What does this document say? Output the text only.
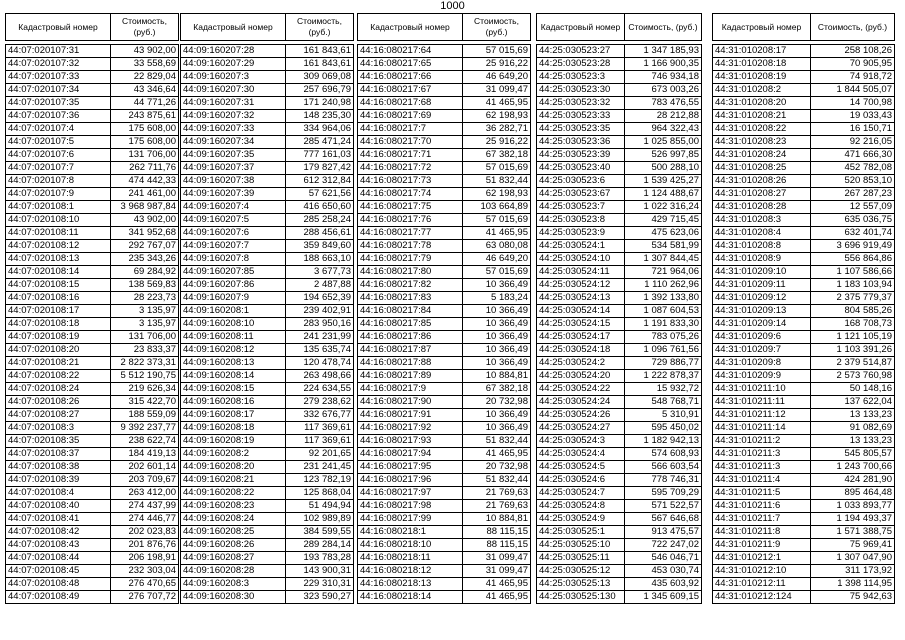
1000
Кадастровый номер	Стоимость, (руб.)

44:07:020107:31	43 902,00
44:07:020107:32	33 558,69
44:07:020107:33	22 829,04
44:07:020107:34	43 346,64
44:07:020107:35	44 771,26
44:07:020107:36	243 875,61
44:07:020107:4	175 608,00
44:07:020107:5	175 608,00
44:07:020107:6	131 706,00
44:07:020107:7	262 711,76
44:07:020107:8	474 442,33
44:07:020107:9	241 461,00
44:07:020108:1	3 968 987,84
44:07:020108:10	43 902,00
44:07:020108:11	341 952,68
44:07:020108:12	292 767,07
44:07:020108:13	235 343,26
44:07:020108:14	69 284,92
44:07:020108:15	138 569,83
44:07:020108:16	28 223,73
44:07:020108:17	3 135,97
44:07:020108:18	3 135,97
44:07:020108:19	131 706,00
44:07:020108:20	23 833,37
44:07:020108:21	2 822 373,31
44:07:020108:22	5 512 190,75
44:07:020108:24	219 626,34
44:07:020108:26	315 422,70
44:07:020108:27	188 559,09
44:07:020108:3	9 392 237,77
44:07:020108:35	238 622,74
44:07:020108:37	184 419,13
44:07:020108:38	202 601,14
44:07:020108:39	203 709,67
44:07:020108:4	263 412,00
44:07:020108:40	274 437,99
44:07:020108:41	274 446,77
44:07:020108:42	202 023,83
44:07:020108:43	201 876,76
44:07:020108:44	206 198,91
44:07:020108:45	232 303,04
44:07:020108:48	276 470,65
44:07:020108:49	276 707,72
Кадастровый номер	Стоимость, (руб.)

44:09:160207:28	161 843,61
44:09:160207:29	161 843,61
44:09:160207:3	309 069,08
44:09:160207:30	257 696,79
44:09:160207:31	171 240,98
44:09:160207:32	148 235,30
44:09:160207:33	334 964,06
44:09:160207:34	285 471,24
44:09:160207:35	777 161,03
44:09:160207:37	179 827,42
44:09:160207:38	612 312,84
44:09:160207:39	57 621,56
44:09:160207:4	416 650,60
44:09:160207:5	285 258,24
44:09:160207:6	288 456,61
44:09:160207:7	359 849,60
44:09:160207:8	188 663,10
44:09:160207:85	3 677,73
44:09:160207:86	2 487,88
44:09:160207:9	194 652,39
44:09:160208:1	239 402,91
44:09:160208:10	283 950,16
44:09:160208:11	241 231,99
44:09:160208:12	135 635,74
44:09:160208:13	120 478,74
44:09:160208:14	263 498,66
44:09:160208:15	224 634,55
44:09:160208:16	279 238,62
44:09:160208:17	332 676,77
44:09:160208:18	117 369,61
44:09:160208:19	117 369,61
44:09:160208:2	92 201,65
44:09:160208:20	231 241,45
44:09:160208:21	123 782,19
44:09:160208:22	125 868,04
44:09:160208:23	51 494,94
44:09:160208:24	102 989,89
44:09:160208:25	384 599,55
44:09:160208:26	289 284,14
44:09:160208:27	193 783,28
44:09:160208:28	143 900,31
44:09:160208:3	229 310,31
44:09:160208:30	323 590,27
Кадастровый номер	Стоимость, (руб.)

44:16:080217:64	57 015,69
44:16:080217:65	25 916,22
44:16:080217:66	46 649,20
44:16:080217:67	31 099,47
44:16:080217:68	41 465,95
44:16:080217:69	62 198,93
44:16:080217:7	36 282,71
44:16:080217:70	25 916,22
44:16:080217:71	67 382,18
44:16:080217:72	57 015,69
44:16:080217:73	51 832,44
44:16:080217:74	62 198,93
44:16:080217:75	103 664,89
44:16:080217:76	57 015,69
44:16:080217:77	41 465,95
44:16:080217:78	63 080,08
44:16:080217:79	46 649,20
44:16:080217:80	57 015,69
44:16:080217:82	10 366,49
44:16:080217:83	5 183,24
44:16:080217:84	10 366,49
44:16:080217:85	10 366,49
44:16:080217:86	10 366,49
44:16:080217:87	10 366,49
44:16:080217:88	10 366,49
44:16:080217:89	10 884,81
44:16:080217:9	67 382,18
44:16:080217:90	20 732,98
44:16:080217:91	10 366,49
44:16:080217:92	10 366,49
44:16:080217:93	51 832,44
44:16:080217:94	41 465,95
44:16:080217:95	20 732,98
44:16:080217:96	51 832,44
44:16:080217:97	21 769,63
44:16:080217:98	21 769,63
44:16:080217:99	10 884,81
44:16:080218:1	88 115,15
44:16:080218:10	88 115,15
44:16:080218:11	31 099,47
44:16:080218:12	31 099,47
44:16:080218:13	41 465,95
44:16:080218:14	41 465,95
Кадастровый номер	Стоимость, (руб.)

44:25:030523:27	1 347 185,93
44:25:030523:28	1 166 900,35
44:25:030523:3	746 934,18
44:25:030523:30	673 003,26
44:25:030523:32	783 476,55
44:25:030523:33	28 212,88
44:25:030523:35	964 322,43
44:25:030523:36	1 025 855,00
44:25:030523:39	526 997,85
44:25:030523:40	500 288,10
44:25:030523:6	1 539 425,27
44:25:030523:67	1 124 488,67
44:25:030523:7	1 022 316,24
44:25:030523:8	429 715,45
44:25:030523:9	475 623,06
44:25:030524:1	534 581,99
44:25:030524:10	1 307 844,45
44:25:030524:11	721 964,06
44:25:030524:12	1 110 262,96
44:25:030524:13	1 392 133,80
44:25:030524:14	1 087 604,53
44:25:030524:15	1 191 833,30
44:25:030524:17	783 075,26
44:25:030524:18	1 096 761,56
44:25:030524:2	729 886,77
44:25:030524:20	1 222 878,37
44:25:030524:22	15 932,72
44:25:030524:24	548 768,71
44:25:030524:26	5 310,91
44:25:030524:27	595 450,02
44:25:030524:3	1 182 942,13
44:25:030524:4	574 608,93
44:25:030524:5	566 603,54
44:25:030524:6	778 746,31
44:25:030524:7	595 709,29
44:25:030524:8	571 522,57
44:25:030524:9	567 646,68
44:25:030525:1	913 475,57
44:25:030525:10	722 247,02
44:25:030525:11	546 046,71
44:25:030525:12	453 030,74
44:25:030525:13	435 603,92
44:25:030525:130	1 345 609,15
Кадастровый номер	Стоимость, (руб.)

44:31:010208:17	258 108,26
44:31:010208:18	70 905,95
44:31:010208:19	74 918,72
44:31:010208:2	1 844 505,07
44:31:010208:20	14 700,98
44:31:010208:21	19 033,43
44:31:010208:22	16 150,71
44:31:010208:23	92 216,05
44:31:010208:24	471 666,30
44:31:010208:25	452 782,08
44:31:010208:26	520 853,10
44:31:010208:27	267 287,23
44:31:010208:28	12 557,09
44:31:010208:3	635 036,75
44:31:010208:4	632 401,74
44:31:010208:8	3 696 919,49
44:31:010208:9	556 864,86
44:31:010209:10	1 107 586,66
44:31:010209:11	1 183 103,94
44:31:010209:12	2 375 779,37
44:31:010209:13	804 585,26
44:31:010209:14	168 708,73
44:31:010209:6	1 121 105,19
44:31:010209:7	1 103 391,26
44:31:010209:8	2 379 514,87
44:31:010209:9	2 573 760,98
44:31:010211:10	50 148,16
44:31:010211:11	137 622,04
44:31:010211:12	13 133,23
44:31:010211:14	91 082,69
44:31:010211:2	13 133,23
44:31:010211:3	545 805,57
44:31:010211:3	1 243 700,66
44:31:010211:4	424 281,90
44:31:010211:5	895 464,48
44:31:010211:6	1 033 893,77
44:31:010211:7	1 194 493,37
44:31:010211:8	1 571 388,75
44:31:010211:9	75 969,41
44:31:010212:1	1 307 047,90
44:31:010212:10	311 173,92
44:31:010212:11	1 398 114,95
44:31:010212:124	75 942,63
